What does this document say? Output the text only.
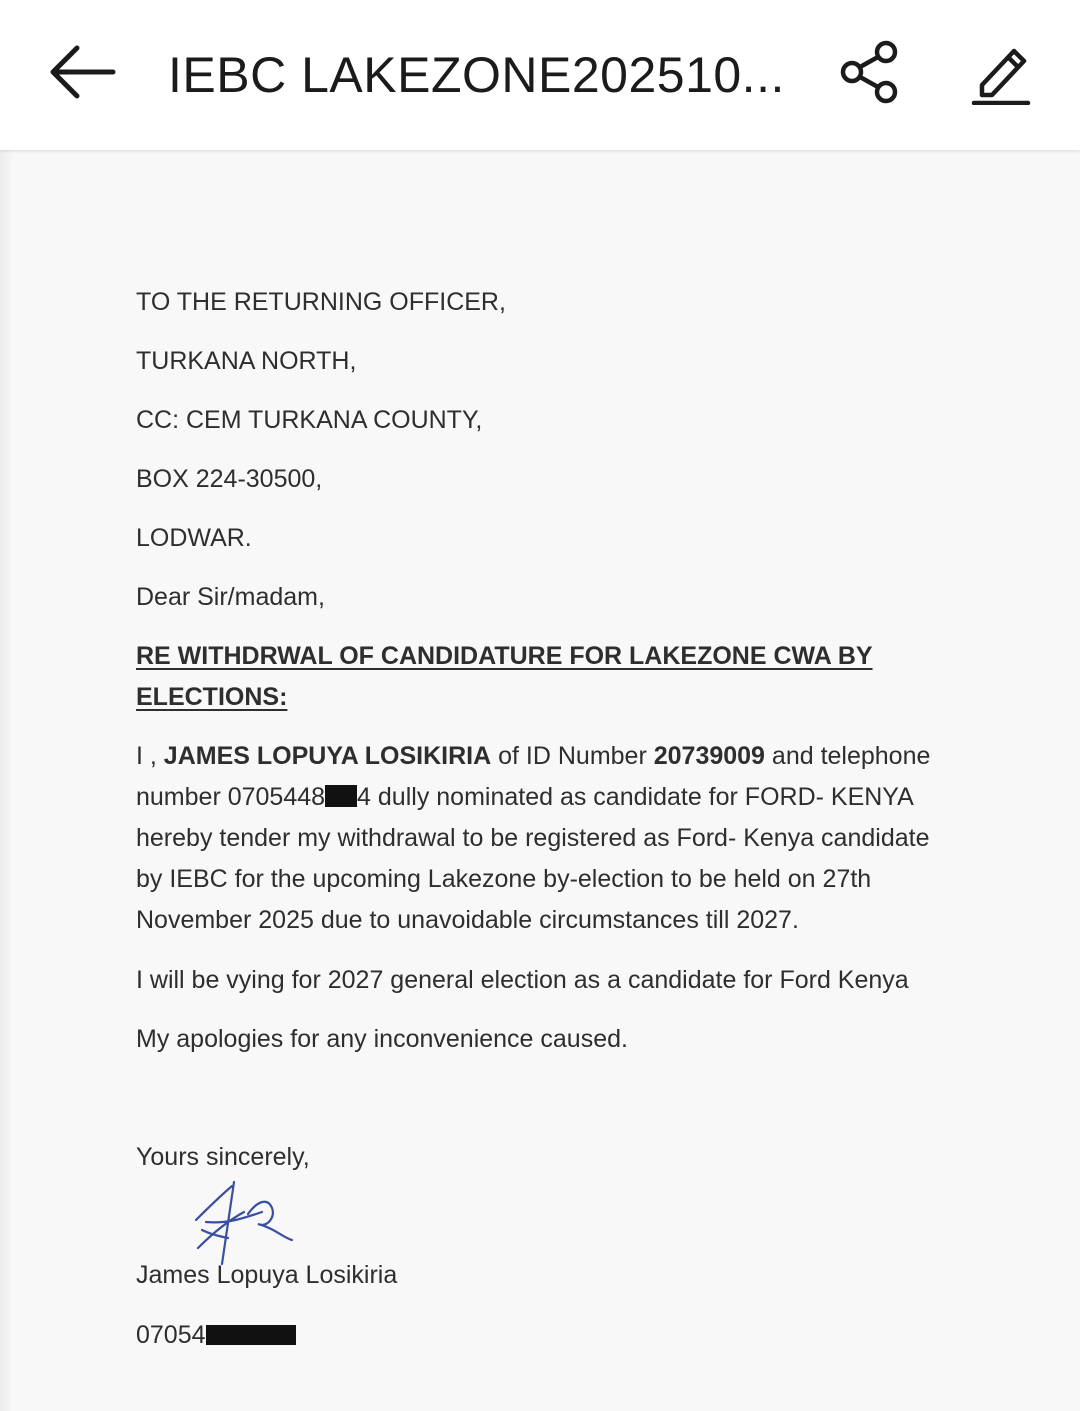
IEBC LAKEZONE202510...
TO THE RETURNING OFFICER,
TURKANA NORTH,
CC: CEM TURKANA COUNTY,
BOX 224-30500,
LODWAR.
Dear Sir/madam,
RE WITHDRWAL OF CANDIDATURE FOR LAKEZONE CWA BY
ELECTIONS:
I , JAMES LOPUYA LOSIKIRIA of ID Number 20739009 and telephone
number 0705448 4 dully nominated as candidate for FORD- KENYA
hereby tender my withdrawal to be registered as Ford- Kenya candidate
by IEBC for the upcoming Lakezone by-election to be held on 27th
November 2025 due to unavoidable circumstances till 2027.
I will be vying for 2027 general election as a candidate for Ford Kenya
My apologies for any inconvenience caused.
Yours sincerely,
James Lopuya Losikiria
07054
